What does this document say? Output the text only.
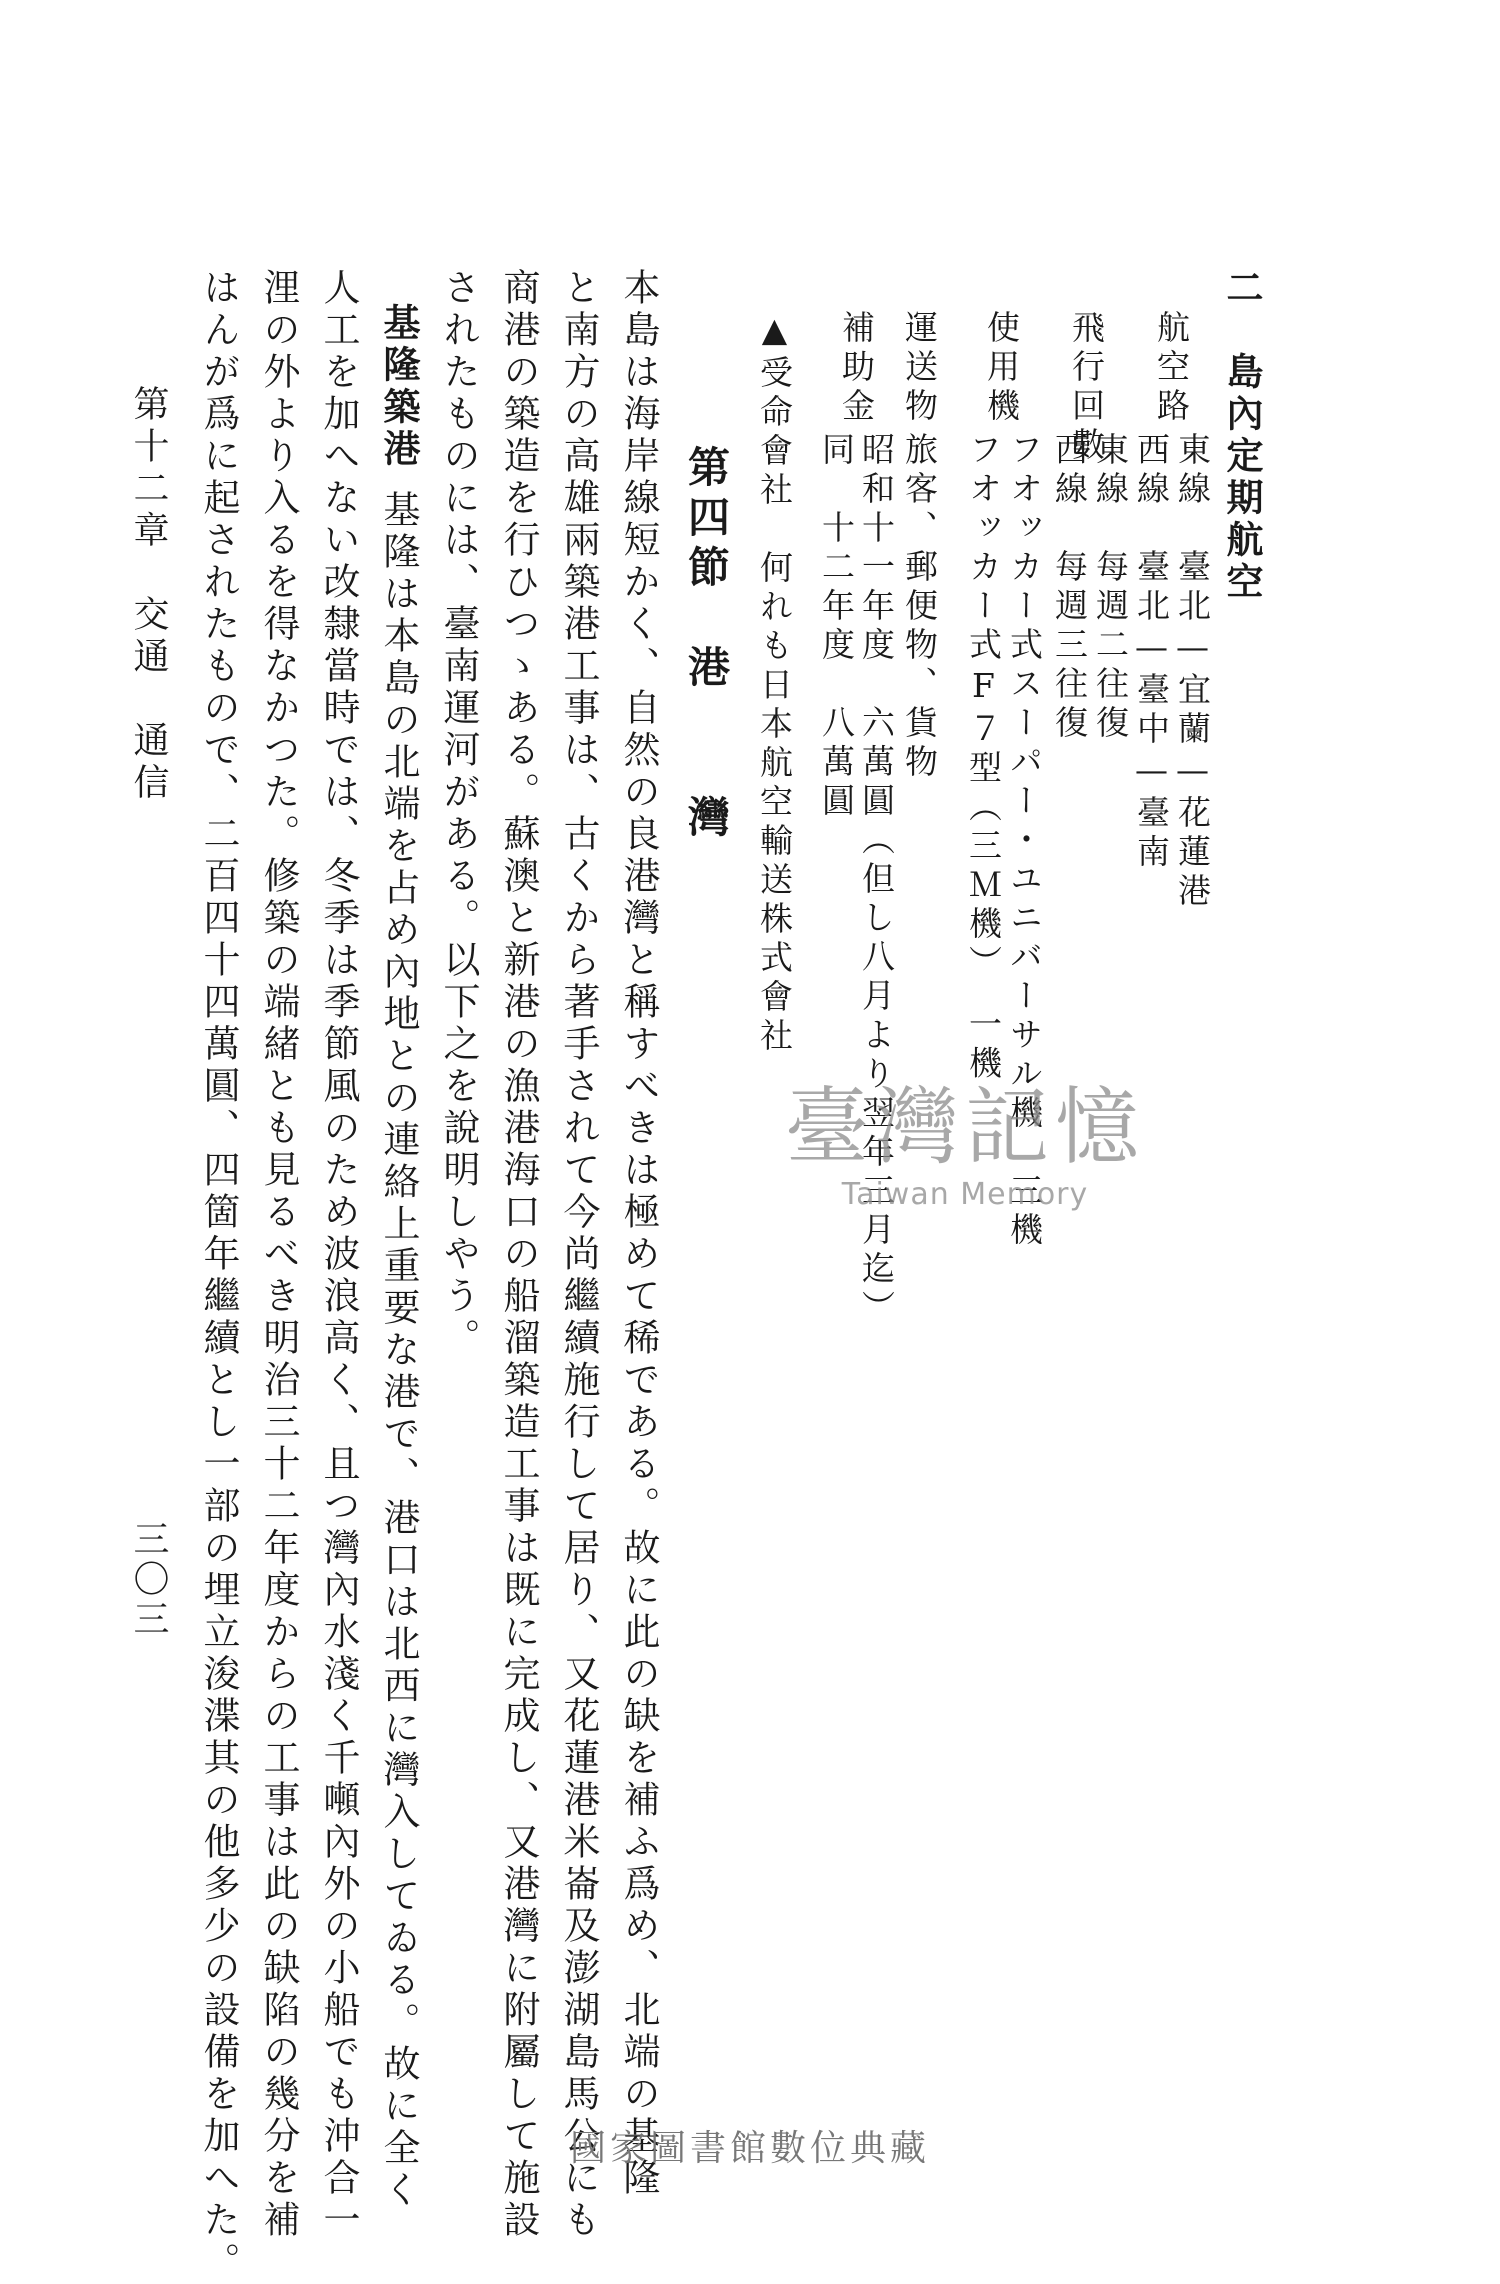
二　島內定期航空
航空路
東線　臺北—宜蘭—花蓮港
西線　臺北—臺中—臺南
飛行回數
東線　每週二往復
西線　每週三往復
使用機
フオッカー式スーパー・ユニバーサル機　三機
フオッカー式F７型（三Ｍ機）　一機
運送物
旅客、郵便物、貨物
補助金
昭和十一年度　六萬圓（但し八月より翌年三月迄）
同　十二年度　八萬圓
▲受命會社　何れも日本航空輸送株式會社
第四節　港　　灣
本島は海岸線短かく、自然の良港灣と稱すべきは極めて稀である。故に此の缺を補ふ爲め、北端の基隆
と南方の高雄兩築港工事は、古くから著手されて今尚繼續施行して居り、又花蓮港米崙及澎湖島馬公にも
商港の築造を行ひつゝある。蘇澳と新港の漁港海口の船溜築造工事は既に完成し、又港灣に附屬して施設
されたものには、臺南運河がある。以下之を說明しやう。
基隆築港
基隆は本島の北端を占め內地との連絡上重要な港で、港口は北西に灣入してゐる。故に全く
人工を加へない改隸當時では、冬季は季節風のため波浪高く、且つ灣內水淺く千噸內外の小船でも沖合一
浬の外より入るを得なかつた。修築の端緒とも見るべき明治三十二年度からの工事は此の缺陷の幾分を補
はんが爲に起されたもので、二百四十四萬圓、四箇年繼續とし一部の埋立浚渫其の他多少の設備を加へた。
第十二章　交通　通信
三〇三
臺灣記憶
Taiwan Memory
國家圖書館數位典藏
